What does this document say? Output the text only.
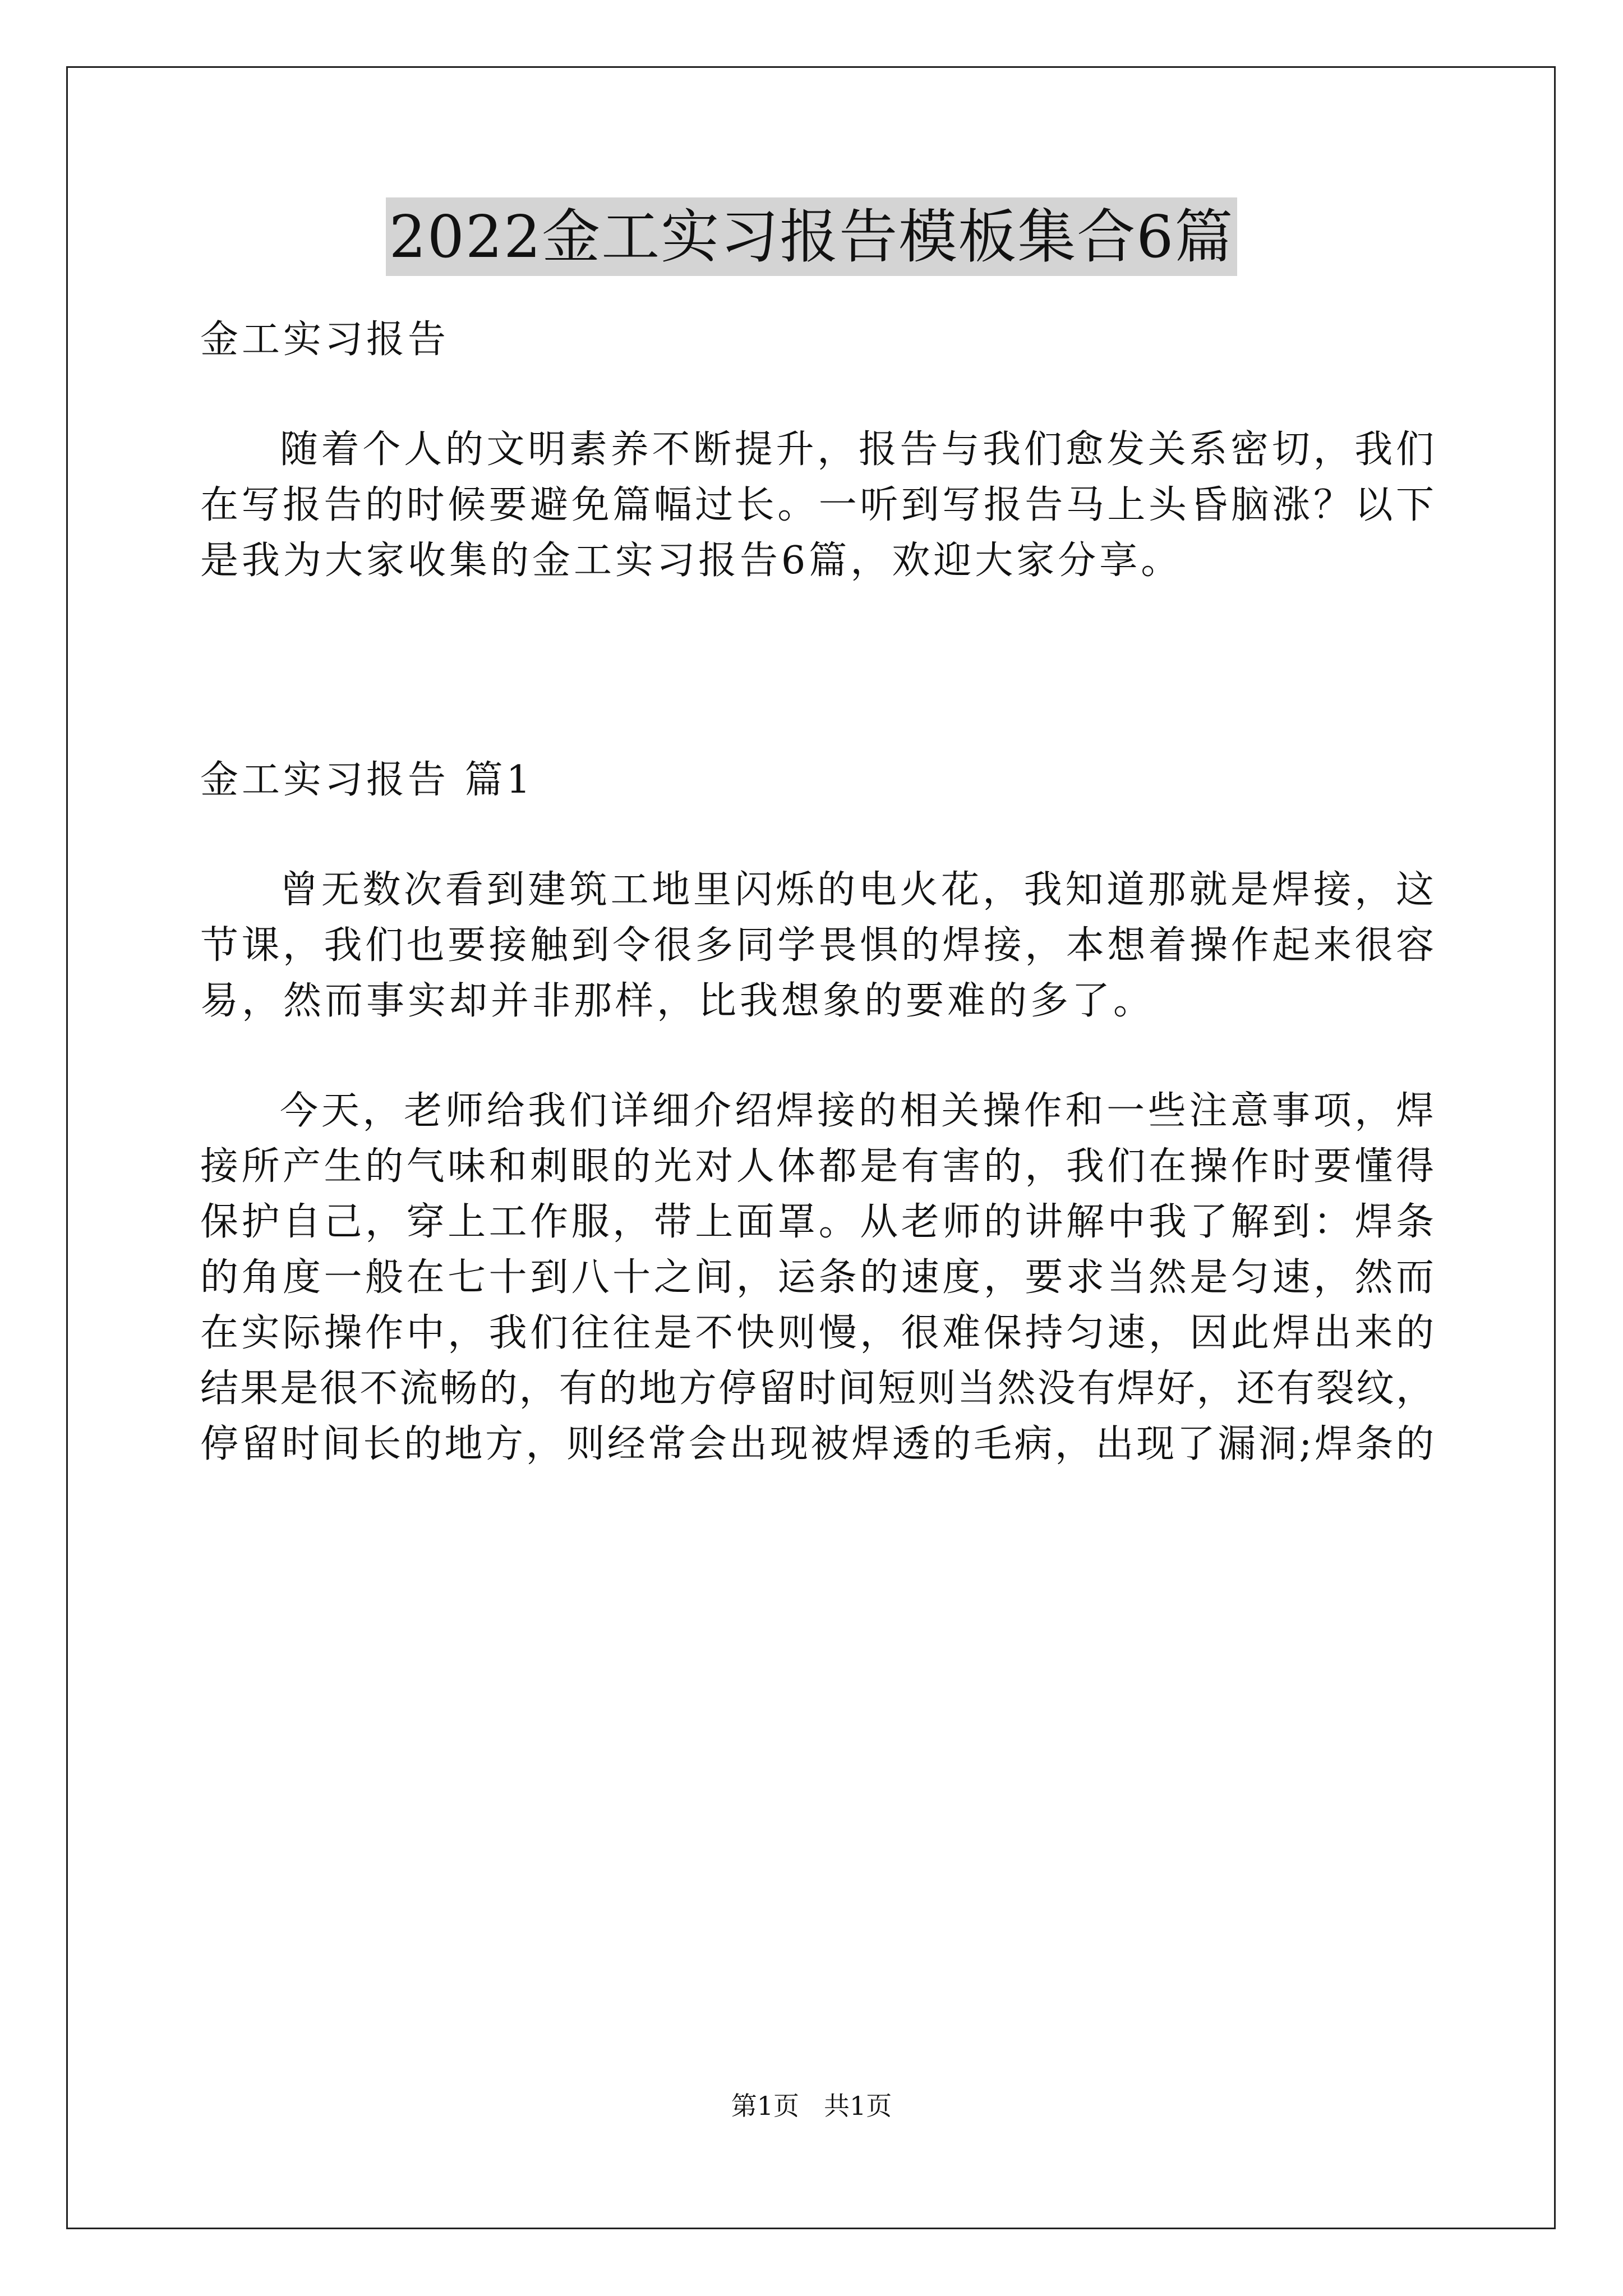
2022金工实习报告模板集合6篇
金工实习报告
随着个人的文明素养不断提升，报告与我们愈发关系密切，我们
在写报告的时候要避免篇幅过长。一听到写报告马上头昏脑涨？以下
是我为大家收集的金工实习报告6篇，欢迎大家分享。
金工实习报告 篇1
曾无数次看到建筑工地里闪烁的电火花，我知道那就是焊接，这
节课，我们也要接触到令很多同学畏惧的焊接，本想着操作起来很容
易，然而事实却并非那样，比我想象的要难的多了。
今天，老师给我们详细介绍焊接的相关操作和一些注意事项，焊
接所产生的气味和刺眼的光对人体都是有害的，我们在操作时要懂得
保护自己，穿上工作服，带上面罩。从老师的讲解中我了解到：焊条
的角度一般在七十到八十之间，运条的速度，要求当然是匀速，然而
在实际操作中，我们往往是不快则慢，很难保持匀速，因此焊出来的
结果是很不流畅的，有的地方停留时间短则当然没有焊好，还有裂纹，
停留时间长的地方，则经常会出现被焊透的毛病，出现了漏洞;焊条的
第1页 共1页
